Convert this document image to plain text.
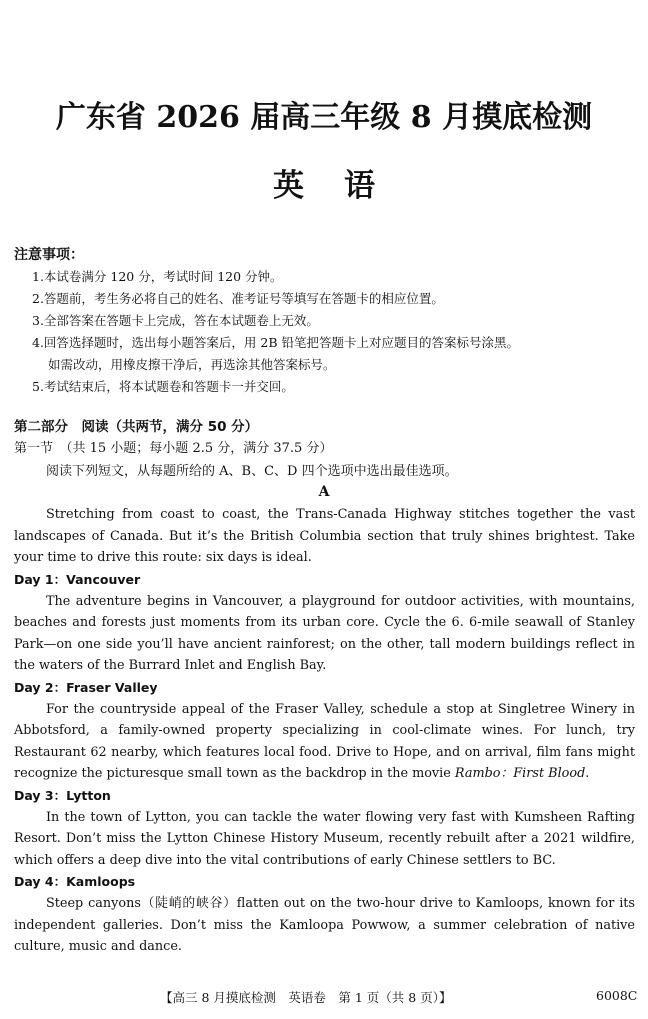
广东省 2026 届高三年级 8 月摸底检测
英语
注意事项：
1.本试卷满分 120 分，考试时间 120 分钟。
2.答题前，考生务必将自己的姓名、准考证号等填写在答题卡的相应位置。
3.全部答案在答题卡上完成，答在本试题卷上无效。
4.回答选择题时，选出每小题答案后，用 2B 铅笔把答题卡上对应题目的答案标号涂黑。
如需改动，用橡皮擦干净后，再选涂其他答案标号。
5.考试结束后，将本试题卷和答题卡一并交回。
第二部分　阅读（共两节，满分 50 分）
第一节　（共 15 小题；每小题 2.5 分，满分 37.5 分）
阅读下列短文，从每题所给的 A、B、C、D 四个选项中选出最佳选项。
A

Stretching from coast to coast, the Trans-Canada Highway stitches together the vast landscapes of Canada. But it’s the British Columbia section that truly shines brightest. Take your time to drive this route: six days is ideal.

Day 1：Vancouver

The adventure begins in Vancouver, a playground for outdoor activities, with mountains, beaches and forests just moments from its urban core. Cycle the 6. 6-mile seawall of Stanley Park—on one side you’ll have ancient rainforest; on the other, tall modern buildings reflect in the waters of the Burrard Inlet and English Bay.

Day 2：Fraser Valley

For the countryside appeal of the Fraser Valley, schedule a stop at Singletree Winery in Abbotsford, a family-owned property specializing in cool-climate wines. For lunch, try Restaurant 62 nearby, which features local food. Drive to Hope, and on arrival, film fans might recognize the picturesque small town as the backdrop in the movie Rambo：First Blood.

Day 3：Lytton

In the town of Lytton, you can tackle the water flowing very fast with Kumsheen Rafting Resort. Don’t miss the Lytton Chinese History Museum, recently rebuilt after a 2021 wildfire, which offers a deep dive into the vital contributions of early Chinese settlers to BC.

Day 4：Kamloops

Steep canyons（陡峭的峡谷）flatten out on the two-hour drive to Kamloops, known for its independent galleries. Don’t miss the Kamloopa Powwow, a summer celebration of native culture, music and dance.

【高三 8 月摸底检测　英语卷　第 1 页（共 8 页）】	6008C
